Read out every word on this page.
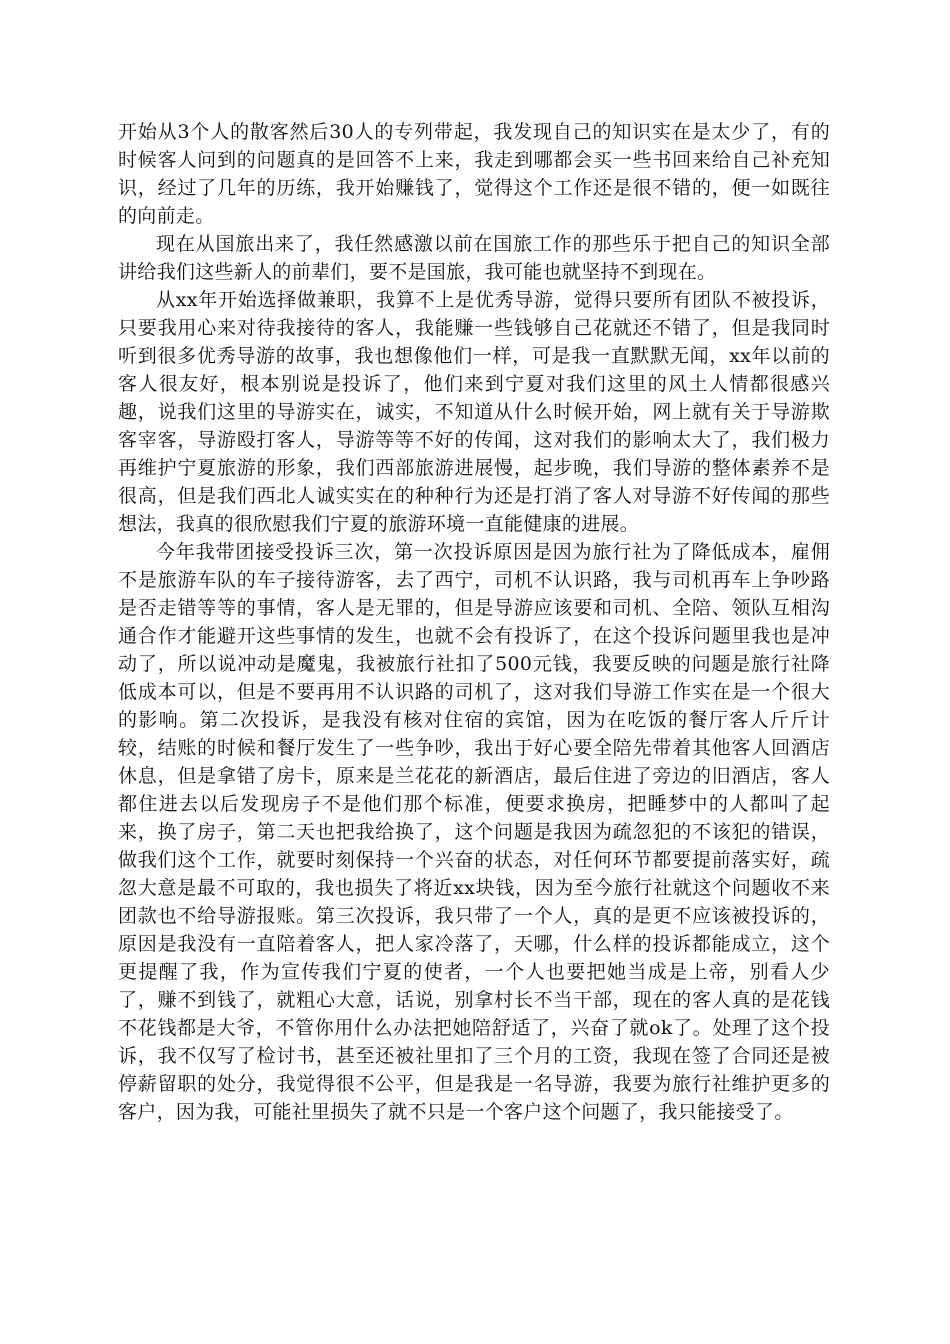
开始从3个人的散客然后30人的专列带起，我发现自己的知识实在是太少了，有的时候客人问到的问题真的是回答不上来，我走到哪都会买一些书回来给自己补充知识，经过了几年的历练，我开始赚钱了，觉得这个工作还是很不错的，便一如既往的向前走。

现在从国旅出来了，我任然感激以前在国旅工作的那些乐于把自己的知识全部讲给我们这些新人的前辈们，要不是国旅，我可能也就坚持不到现在。

从xx年开始选择做兼职，我算不上是优秀导游，觉得只要所有团队不被投诉，只要我用心来对待我接待的客人，我能赚一些钱够自己花就还不错了，但是我同时听到很多优秀导游的故事，我也想像他们一样，可是我一直默默无闻，xx年以前的客人很友好，根本别说是投诉了，他们来到宁夏对我们这里的风土人情都很感兴趣，说我们这里的导游实在，诚实，不知道从什么时候开始，网上就有关于导游欺客宰客，导游殴打客人，导游等等不好的传闻，这对我们的影响太大了，我们极力再维护宁夏旅游的形象，我们西部旅游进展慢，起步晚，我们导游的整体素养不是很高，但是我们西北人诚实实在的种种行为还是打消了客人对导游不好传闻的那些想法，我真的很欣慰我们宁夏的旅游环境一直能健康的进展。

今年我带团接受投诉三次，第一次投诉原因是因为旅行社为了降低成本，雇佣不是旅游车队的车子接待游客，去了西宁，司机不认识路，我与司机再车上争吵路是否走错等等的事情，客人是无罪的，但是导游应该要和司机、全陪、领队互相沟通合作才能避开这些事情的发生，也就不会有投诉了，在这个投诉问题里我也是冲动了，所以说冲动是魔鬼，我被旅行社扣了500元钱，我要反映的问题是旅行社降低成本可以，但是不要再用不认识路的司机了，这对我们导游工作实在是一个很大的影响。第二次投诉，是我没有核对住宿的宾馆，因为在吃饭的餐厅客人斤斤计较，结账的时候和餐厅发生了一些争吵，我出于好心要全陪先带着其他客人回酒店休息，但是拿错了房卡，原来是兰花花的新酒店，最后住进了旁边的旧酒店，客人都住进去以后发现房子不是他们那个标准，便要求换房，把睡梦中的人都叫了起来，换了房子，第二天也把我给换了，这个问题是我因为疏忽犯的不该犯的错误，做我们这个工作，就要时刻保持一个兴奋的状态，对任何环节都要提前落实好，疏忽大意是最不可取的，我也损失了将近xx块钱，因为至今旅行社就这个问题收不来团款也不给导游报账。第三次投诉，我只带了一个人，真的是更不应该被投诉的，原因是我没有一直陪着客人，把人家冷落了，天哪，什么样的投诉都能成立，这个更提醒了我，作为宣传我们宁夏的使者，一个人也要把她当成是上帝，别看人少了，赚不到钱了，就粗心大意，话说，别拿村长不当干部，现在的客人真的是花钱不花钱都是大爷，不管你用什么办法把她陪舒适了，兴奋了就ok了。处理了这个投诉，我不仅写了检讨书，甚至还被社里扣了三个月的工资，我现在签了合同还是被停薪留职的处分，我觉得很不公平，但是我是一名导游，我要为旅行社维护更多的客户，因为我，可能社里损失了就不只是一个客户这个问题了，我只能接受了。
